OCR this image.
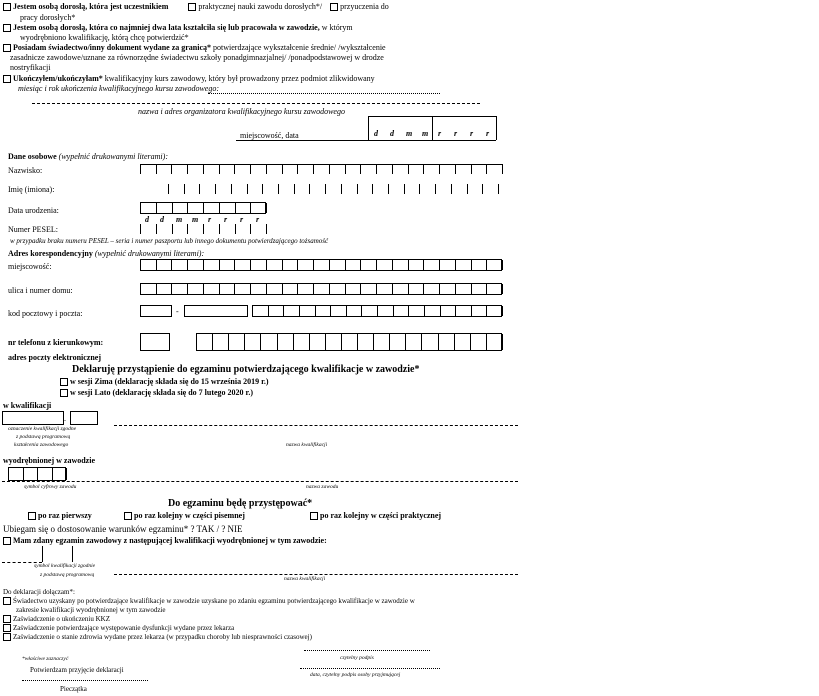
Jestem osobą dorosłą, która jest uczestnikiem	praktycznej nauki zawodu dorosłych*/ przyuczenia do
pracy dorosłych*
Jestem osobą dorosłą, która co najmniej dwa lata kształciła się lub pracowała w zawodzie, w którym
wyodrębniono kwalifikację, którą chcę potwierdzić*
Posiadam świadectwo/inny dokument wydane za granicą* potwierdzające wykształcenie średnie/ /wykształcenie
zasadnicze zawodowe/uznane za równorzędne świadectwu szkoły ponadgimnazjalnej/ /ponadpodstawowej w drodze
nostryfikacji
Ukończyłem/ukończyłam* kwalifikacyjny kurs zawodowy, który był prowadzony przez podmiot zlikwidowany
miesiąc i rok ukończenia kwalifikacyjnego kursu zawodowego:
nazwa i adres organizatora kwalifikacyjnego kursu zawodowego
miejscowość, data	d d m m r r r r
Dane osobowe (wypełnić drukowanymi literami):
Nazwisko:
Imię (imiona):
Data urodzenia:
d d m m r r r r
Numer PESEL:
w przypadku braku numeru PESEL – seria i numer paszportu lub innego dokumentu potwierdzającego tożsamość
Adres korespondencyjny (wypełnić drukowanymi literami):
miejscowość:
ulica i numer domu:
kod pocztowy i poczta:	-
nr telefonu z kierunkowym:
adres poczty elektronicznej
Deklaruję przystąpienie do egzaminu potwierdzającego kwalifikacje w zawodzie*
w sesji Zima (deklarację składa się do 15 września 2019 r.)
w sesji Lato (deklarację składa się do 7 lutego 2020 r.)
w kwalifikacji
.
oznaczenie kwalifikacji zgodne
z podstawą programową
kształcenia zawodowego	nazwa kwalifikacji
wyodrębnionej w zawodzie
symbol cyfrowy zawodu	nazwa zawodu
Do egzaminu będę przystępować*
po raz pierwszy	po raz kolejny w części pisemnej	po raz kolejny w części praktycznej
Ubiegam się o dostosowanie warunków egzaminu* ? TAK / ? NIE
Mam zdany egzamin zawodowy z następującej kwalifikacji wyodrębnionej w tym zawodzie:
symbol kwalifikacji zgodnie
z podstawą programową
nazwa kwalifikacji
Do deklaracji dołączam*:
Świadectwo uzyskany po potwierdzające kwalifikacje w zawodzie uzyskane po zdaniu egzaminu potwierdzającego kwalifikacje w zawodzie w
zakresie kwalifikacji wyodrębnionej w tym zawodzie
Zaświadczenie o ukończeniu KKZ
Zaświadczenie potwierdzające występowanie dysfunkcji wydane przez lekarza
Zaświadczenie o stanie zdrowia wydane przez lekarza (w przypadku choroby lub niesprawności czasowej)
*właściwe zaznaczyć	czytelny podpis
Potwierdzam przyjęcie deklaracji
data, czytelny podpis osoby przyjmującej
Pieczątka
